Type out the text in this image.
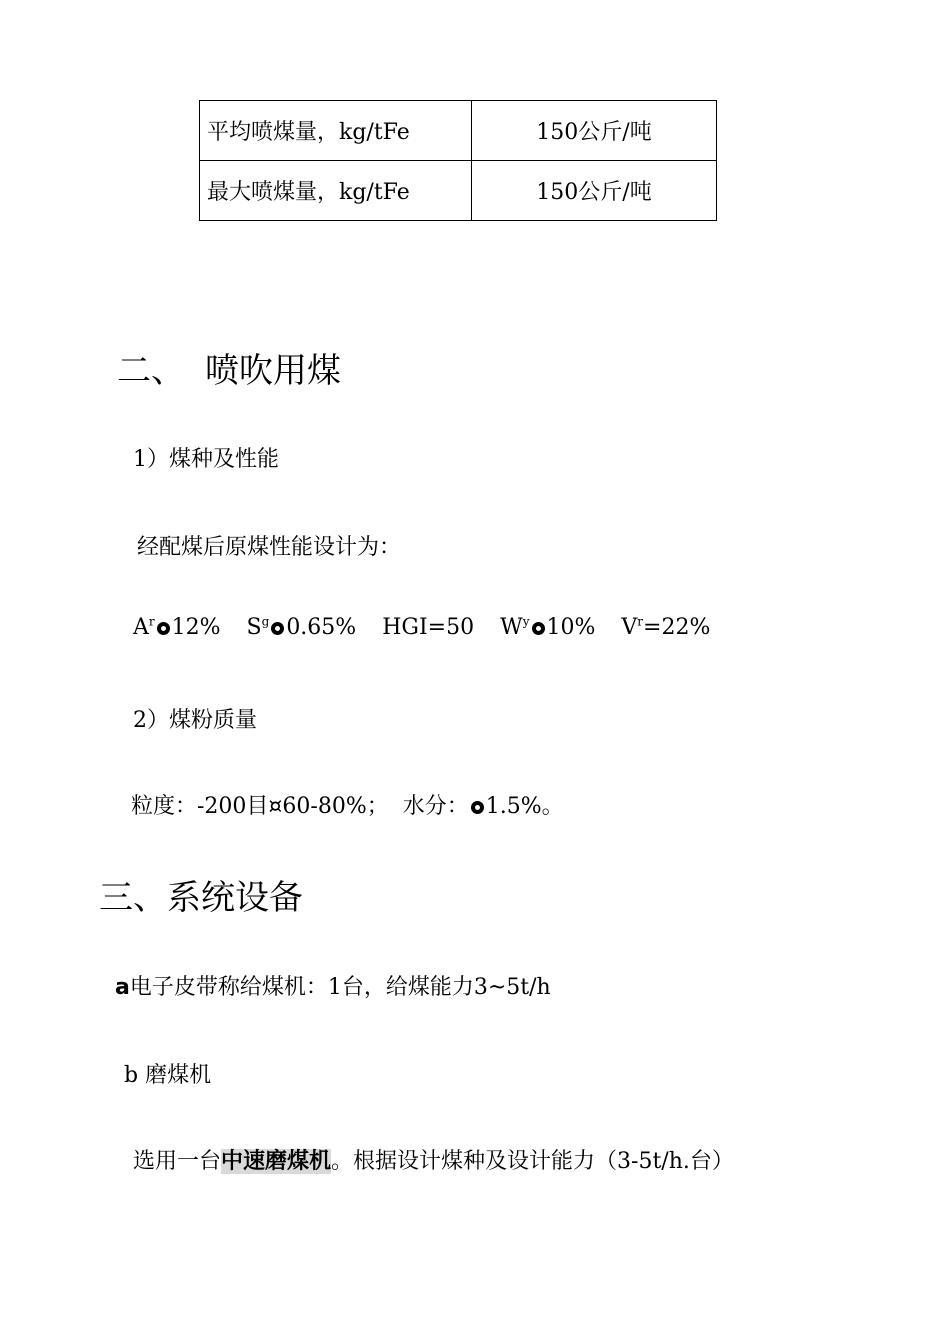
平均喷煤量，kg/tFe	150公斤/吨
最大喷煤量，kg/tFe	150公斤/吨
二、 喷吹用煤
1）煤种及性能
经配煤后原煤性能设计为：
$A^r$ 12% $S^g$ 0.65% HGI=50 $W^y$ 10% $V^r=22\%$
2）煤粉质量
粒度：-200目¤60-80%； 水分： 1.5%。
三、系统设备
a电子皮带称给煤机：1台，给煤能力3~5t/h
b 磨煤机
选用一台中速磨煤机。根据设计煤种及设计能力（3-5t/h.台）
